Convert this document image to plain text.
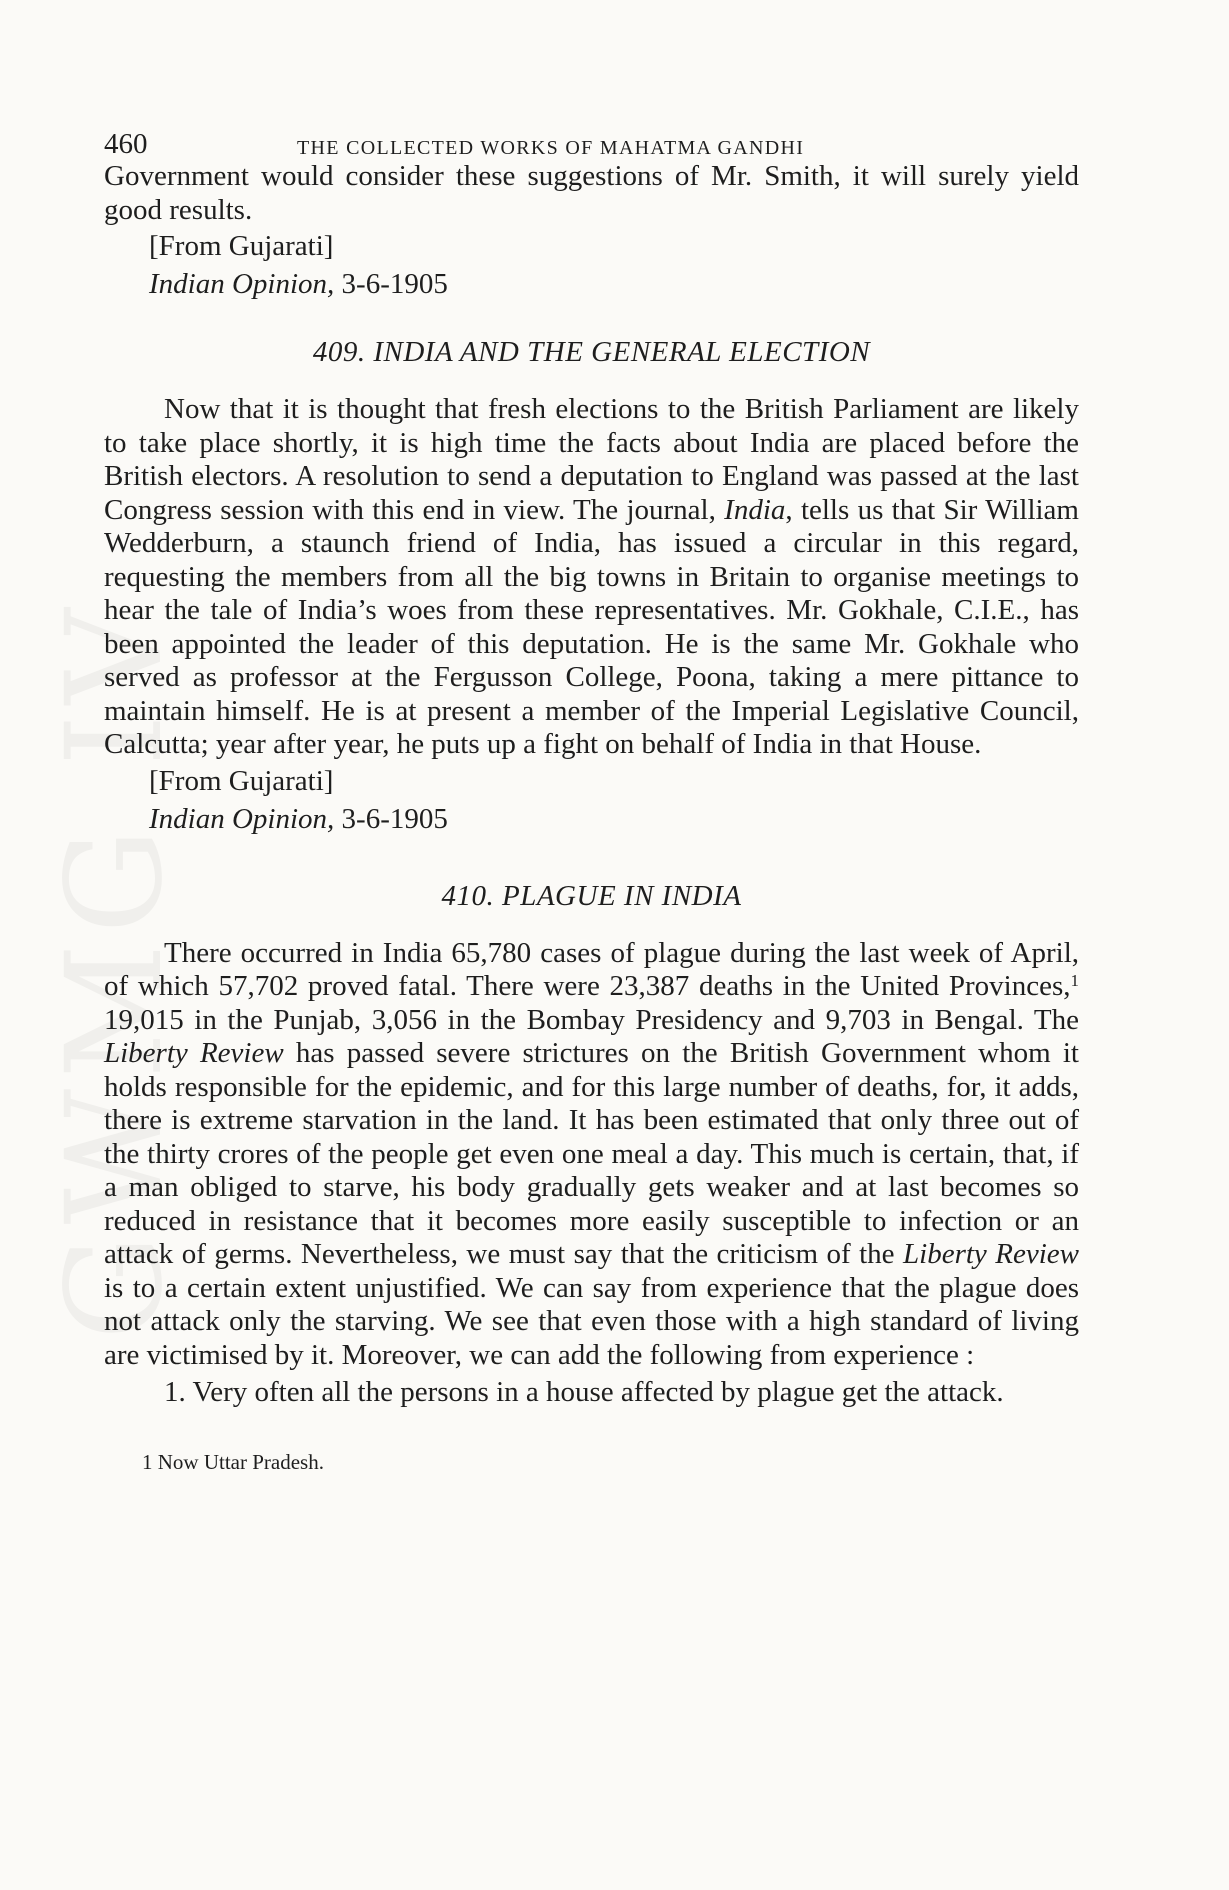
460	THE COLLECTED WORKS OF MAHATMA GANDHI

Government would consider these suggestions of Mr. Smith, it will surely yield good results.

[From Gujarati]
Indian Opinion, 3-6-1905
409. INDIA AND THE GENERAL ELECTION

Now that it is thought that fresh elections to the British Parliament are likely to take place shortly, it is high time the facts about India are placed before the British electors. A resolution to send a deputation to England was passed at the last Congress session with this end in view. The journal, India, tells us that Sir William Wedderburn, a staunch friend of India, has issued a circular in this regard, requesting the members from all the big towns in Britain to organise meetings to hear the tale of India’s woes from these representatives. Mr. Gokhale, C.I.E., has been appointed the leader of this deputation. He is the same Mr. Gokhale who served as professor at the Fergusson College, Poona, taking a mere pittance to maintain himself. He is at present a member of the Imperial Legislative Council, Calcutta; year after year, he puts up a fight on behalf of India in that House.

[From Gujarati]
Indian Opinion, 3-6-1905
410. PLAGUE IN INDIA

There occurred in India 65,780 cases of plague during the last week of April, of which 57,702 proved fatal. There were 23,387 deaths in the United Provinces,$^1$ 19,015 in the Punjab, 3,056 in the Bombay Presidency and 9,703 in Bengal. The Liberty Review has passed severe strictures on the British Government whom it holds responsible for the epidemic, and for this large number of deaths, for, it adds, there is extreme starvation in the land. It has been estimated that only three out of the thirty crores of the people get even one meal a day. This much is certain, that, if a man obliged to starve, his body gradually gets weaker and at last becomes so reduced in resistance that it becomes more easily susceptible to infection or an attack of germs. Nevertheless, we must say that the criticism of the Liberty Review is to a certain extent unjustified. We can say from experience that the plague does not attack only the starving. We see that even those with a high standard of living are victimised by it. Moreover, we can add the following from experience :

1. Very often all the persons in a house affected by plague get the attack.

1 Now Uttar Pradesh.
